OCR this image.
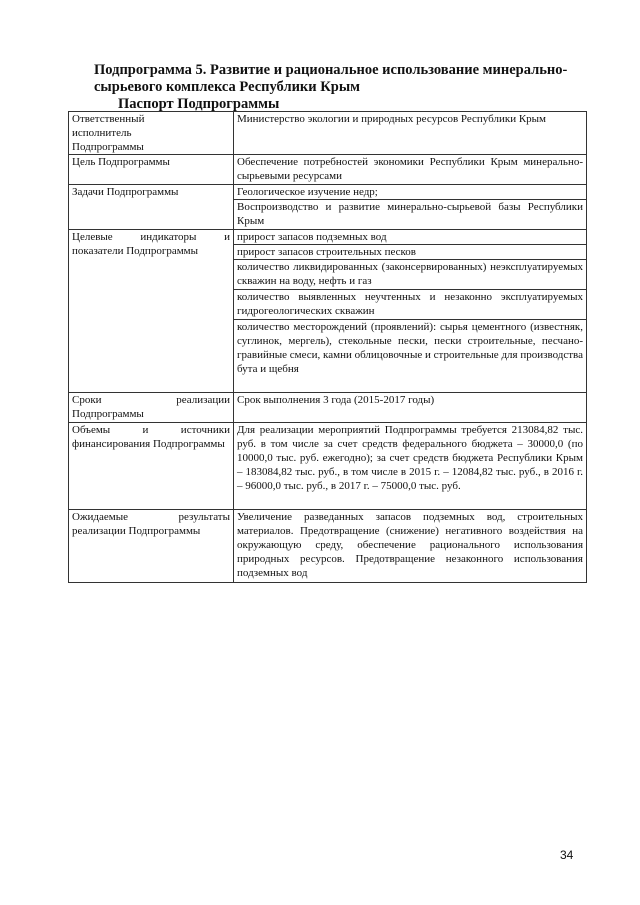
Подпрограмма 5. Развитие и рациональное использование минерально-сырьевого комплекса Республики Крым
Паспорт Подпрограммы
Ответственный
исполнитель
Подпрограммы	Министерство экологии и природных ресурсов Республики Крым
Цель Подпрограммы	Обеспечение потребностей экономики Республики Крым минерально-сырьевыми ресурсами
Задачи Подпрограммы	Геологическое изучение недр;
	Воспроизводство и развитие минерально-сырьевой базы Республики Крым
Целевые индикаторы и показатели Подпрограммы	прирост запасов подземных вод
	прирост запасов строительных песков
	количество ликвидированных (законсервированных) неэксплуатируемых скважин на воду, нефть и газ
	количество выявленных неучтенных и незаконно эксплуатируемых гидрогеологических скважин
	количество месторождений (проявлений): сырья цементного (известняк, суглинок, мергель), стекольные пески, пески строительные, песчано-гравийные смеси, камни облицовочные и строительные для производства бута и щебня
Сроки реализации Подпрограммы	Срок выполнения 3 года (2015-2017 годы)
Объемы и источники финансирования Подпрограммы	Для реализации мероприятий Подпрограммы требуется 213084,82 тыс. руб. в том числе за счет средств федерального бюджета – 30000,0 (по 10000,0 тыс. руб. ежегодно); за счет средств бюджета Республики Крым – 183084,82 тыс. руб., в том числе в 2015 г. – 12084,82 тыс. руб., в 2016 г. – 96000,0 тыс. руб., в 2017 г. – 75000,0 тыс. руб.
Ожидаемые результаты реализации Подпрограммы	Увеличение разведанных запасов подземных вод, строительных материалов. Предотвращение (снижение) негативного воздействия на окружающую среду, обеспечение рационального использования природных ресурсов. Предотвращение незаконного использования подземных вод
34
